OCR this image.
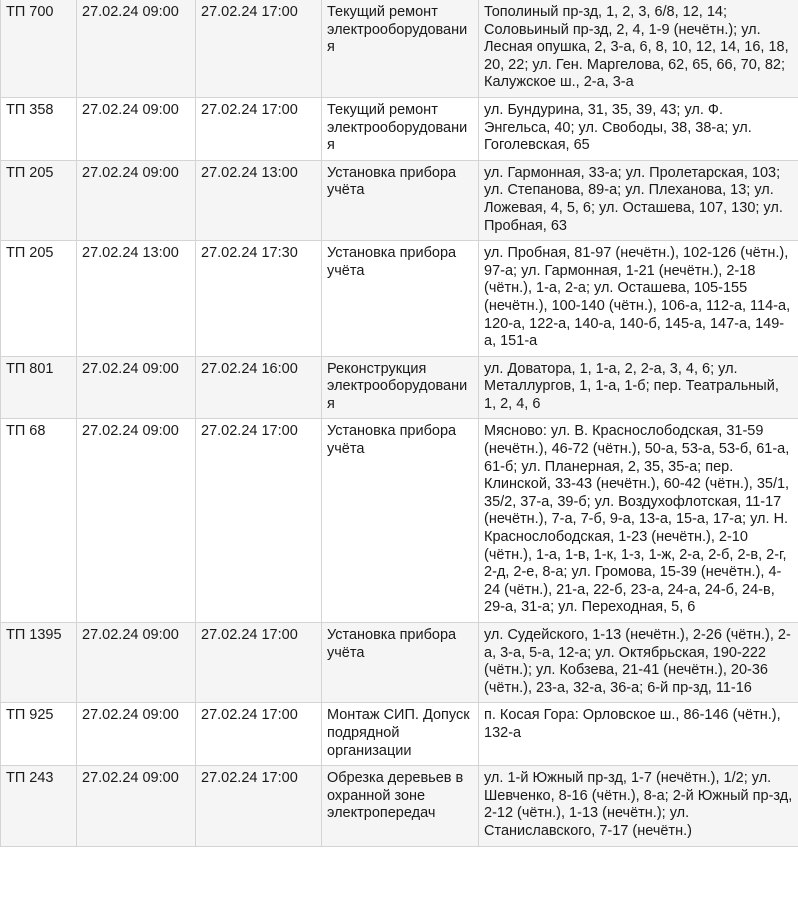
ТП 700	27.02.24 09:00	27.02.24 17:00	Текущий ремонт электрооборудования	Тополиный пр-зд, 1, 2, 3, 6/8, 12, 14; Соловьиный пр-зд, 2, 4, 1-9 (нечётн.); ул. Лесная опушка, 2, 3-а, 6, 8, 10, 12, 14, 16, 18, 20, 22; ул. Ген. Маргелова, 62, 65, 66, 70, 82; Калужское ш., 2-а, 3-а
ТП 358	27.02.24 09:00	27.02.24 17:00	Текущий ремонт электрооборудования	ул. Бундурина, 31, 35, 39, 43; ул. Ф. Энгельса, 40; ул. Свободы, 38, 38-а; ул. Гоголевская, 65
ТП 205	27.02.24 09:00	27.02.24 13:00	Установка прибора учёта	ул. Гармонная, 33-а; ул. Пролетарская, 103; ул. Степанова, 89-а; ул. Плеханова, 13; ул. Ложевая, 4, 5, 6; ул. Осташева, 107, 130; ул. Пробная, 63
ТП 205	27.02.24 13:00	27.02.24 17:30	Установка прибора учёта	ул. Пробная, 81-97 (нечётн.), 102-126 (чётн.), 97-а; ул. Гармонная, 1-21 (нечётн.), 2-18 (чётн.), 1-а, 2-а; ул. Осташева, 105-155 (нечётн.), 100-140 (чётн.), 106-а, 112-а, 114-а, 120-а, 122-а, 140-а, 140-б, 145-а, 147-а, 149-а, 151-а
ТП 801	27.02.24 09:00	27.02.24 16:00	Реконструкция электрооборудования	ул. Доватора, 1, 1-а, 2, 2-а, 3, 4, 6; ул. Металлургов, 1, 1-а, 1-б; пер. Театральный, 1, 2, 4, 6
ТП 68	27.02.24 09:00	27.02.24 17:00	Установка прибора учёта	Мясново: ул. В. Краснослободская, 31-59 (нечётн.), 46-72 (чётн.), 50-а, 53-а, 53-б, 61-а, 61-б; ул. Планерная, 2, 35, 35-а; пер. Клинской, 33-43 (нечётн.), 60-42 (чётн.), 35/1, 35/2, 37-а, 39-б; ул. Воздухофлотская, 11-17 (нечётн.), 7-а, 7-б, 9-а, 13-а, 15-а, 17-а; ул. Н. Краснослободская, 1-23 (нечётн.), 2-10 (чётн.), 1-а, 1-в, 1-к, 1-з, 1-ж, 2-а, 2-б, 2-в, 2-г, 2-д, 2-е, 8-а; ул. Громова, 15-39 (нечётн.), 4-24 (чётн.), 21-а, 22-б, 23-а, 24-а, 24-б, 24-в, 29-а, 31-а; ул. Переходная, 5, 6
ТП 1395	27.02.24 09:00	27.02.24 17:00	Установка прибора учёта	ул. Судейского, 1-13 (нечётн.), 2-26 (чётн.), 2-а, 3-а, 5-а, 12-а; ул. Октябрьская, 190-222 (чётн.); ул. Кобзева, 21-41 (нечётн.), 20-36 (чётн.), 23-а, 32-а, 36-а; 6-й пр-зд, 11-16
ТП 925	27.02.24 09:00	27.02.24 17:00	Монтаж СИП. Допуск подрядной организации	п. Косая Гора: Орловское ш., 86-146 (чётн.), 132-а
ТП 243	27.02.24 09:00	27.02.24 17:00	Обрезка деревьев в охранной зоне электропередач	ул. 1-й Южный пр-зд, 1-7 (нечётн.), 1/2; ул. Шевченко, 8-16 (чётн.), 8-а; 2-й Южный пр-зд, 2-12 (чётн.), 1-13 (нечётн.); ул. Станиславского, 7-17 (нечётн.)
